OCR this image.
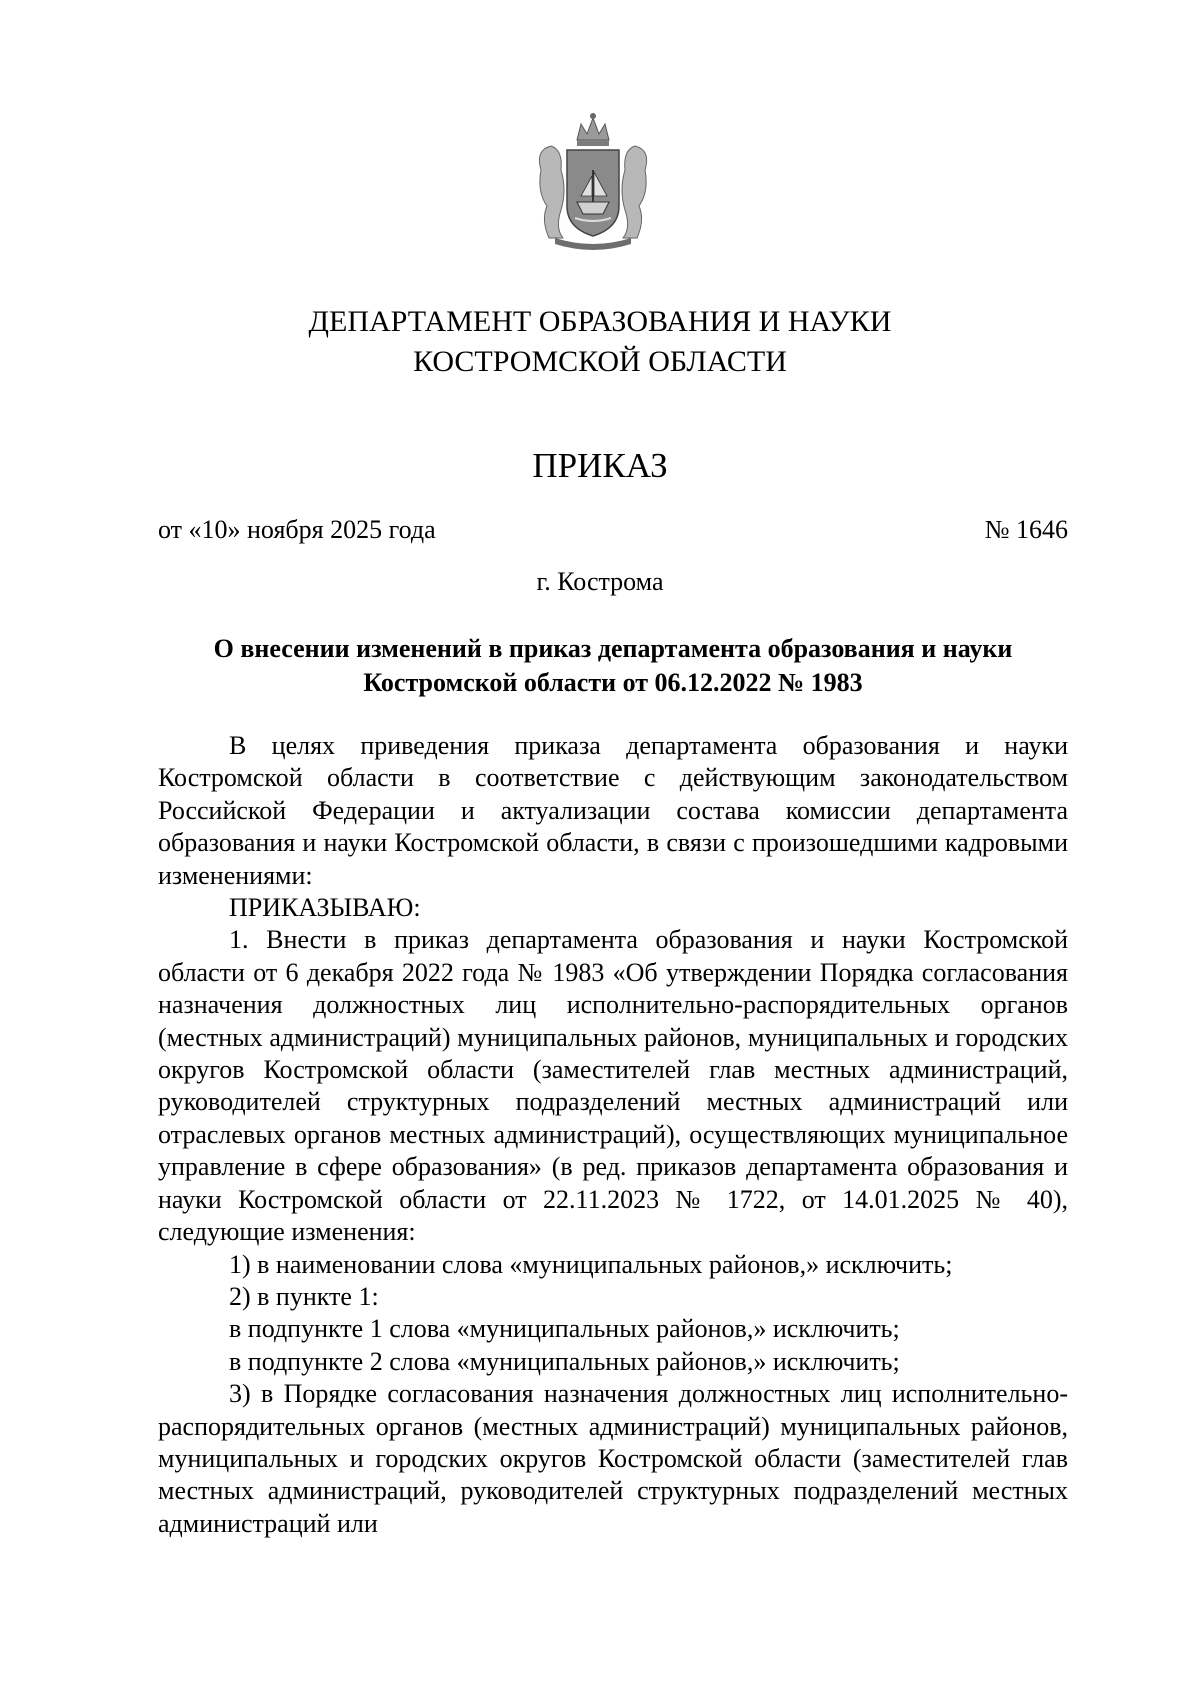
ДЕПАРТАМЕНТ ОБРАЗОВАНИЯ И НАУКИ
КОСТРОМСКОЙ ОБЛАСТИ
ПРИКАЗ
от «10» ноября 2025 года	№ 1646
г. Кострома
О внесении изменений в приказ департамента образования и науки
Костромской области от 06.12.2022 № 1983

В целях приведения приказа департамента образования и науки Костромской области в соответствие с действующим законодательством Российской Федерации и актуализации состава комиссии департамента образования и науки Костромской области, в связи с произошедшими кадровыми изменениями:

ПРИКАЗЫВАЮ:

1. Внести в приказ департамента образования и науки Костромской области от 6 декабря 2022 года № 1983 «Об утверждении Порядка согласования назначения должностных лиц исполнительно-распорядительных органов (местных администраций) муниципальных районов, муниципальных и городских округов Костромской области (заместителей глав местных администраций, руководителей структурных подразделений местных администраций или отраслевых органов местных администраций), осуществляющих муниципальное управление в сфере образования» (в ред. приказов департамента образования и науки Костромской области от 22.11.2023 № 1722, от 14.01.2025 № 40), следующие изменения:

1) в наименовании слова «муниципальных районов,» исключить;

2) в пункте 1:

в подпункте 1 слова «муниципальных районов,» исключить;

в подпункте 2 слова «муниципальных районов,» исключить;

3) в Порядке согласования назначения должностных лиц исполнительно-распорядительных органов (местных администраций) муниципальных районов, муниципальных и городских округов Костромской области (заместителей глав местных администраций, руководителей структурных подразделений местных администраций или
